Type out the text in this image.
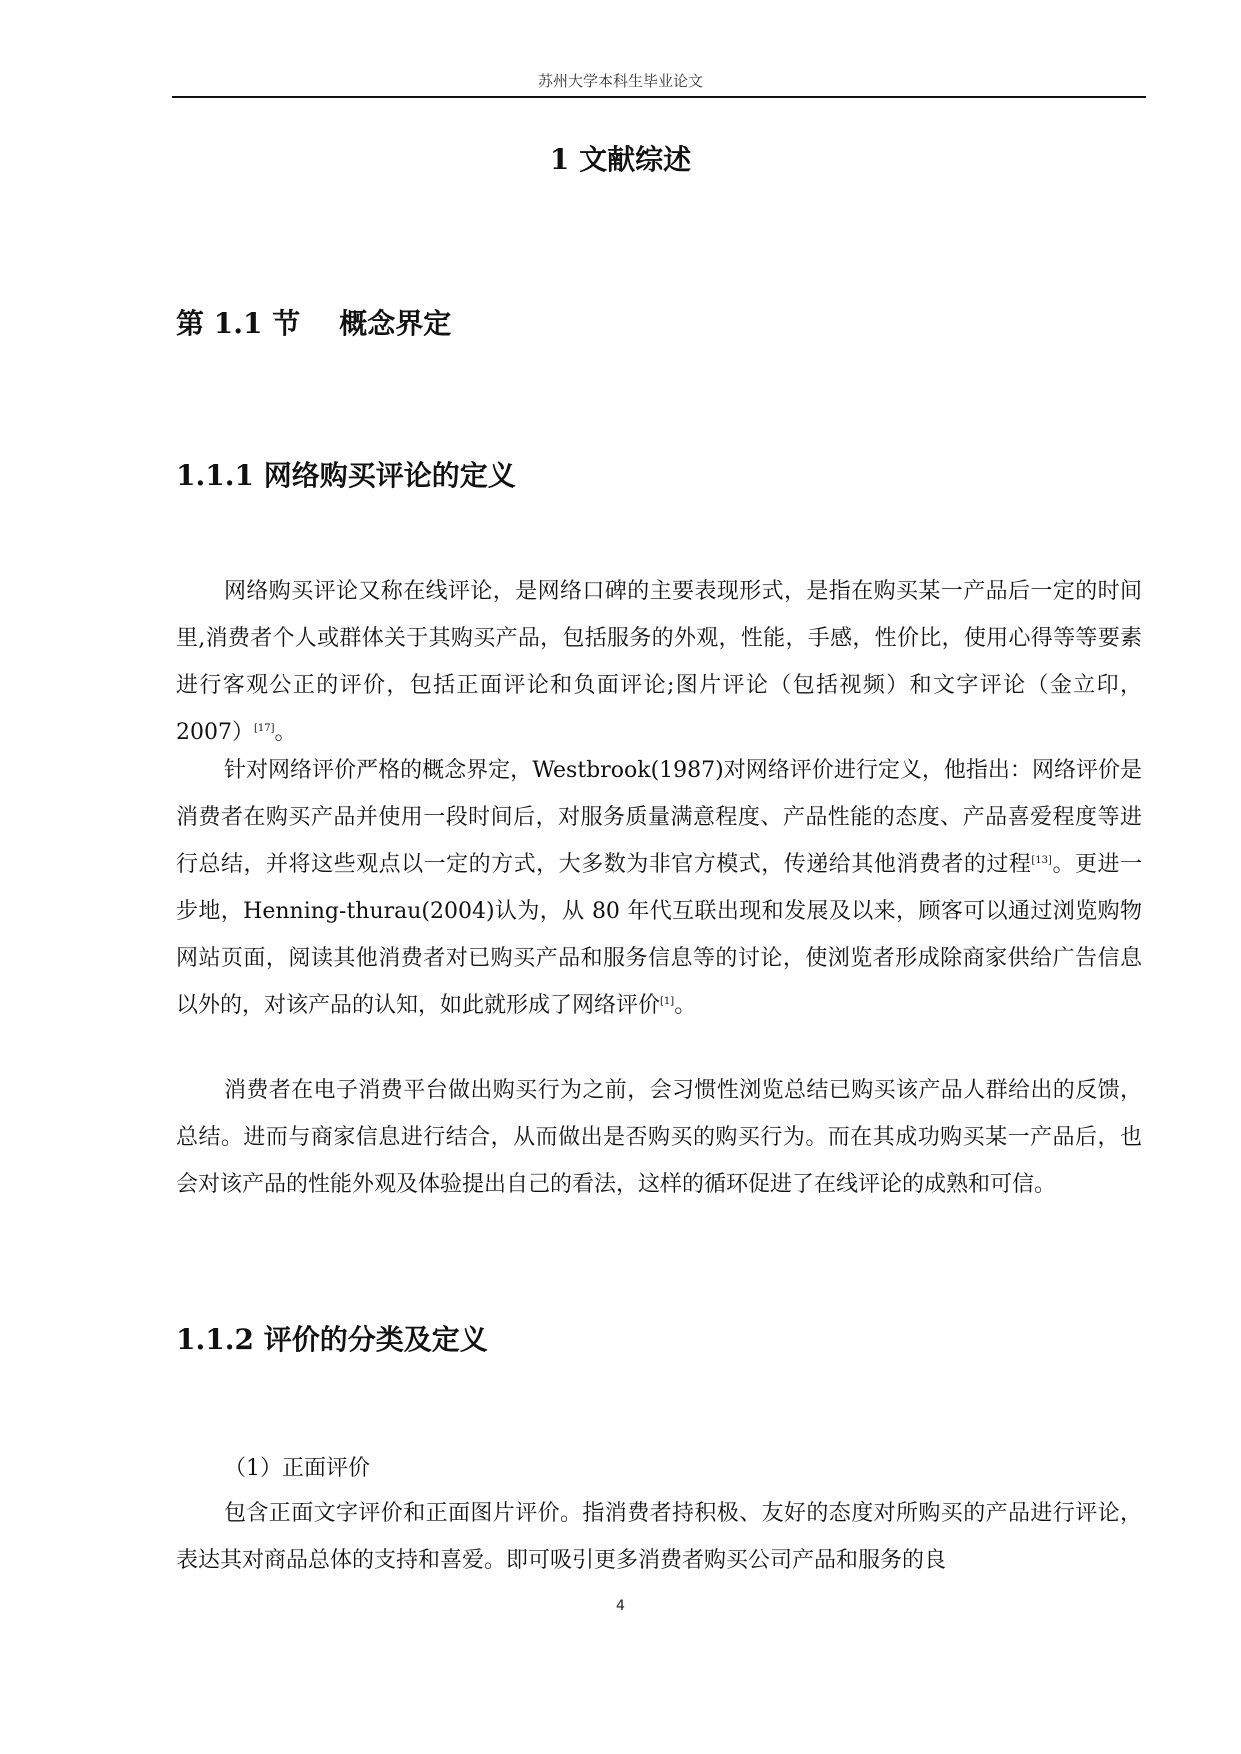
苏州大学本科生毕业论文
1 文献综述
第 1.1 节    概念界定
1.1.1 网络购买评论的定义

网络购买评论又称在线评论，是网络口碑的主要表现形式，是指在购买某一产品后一定的时间里,消费者个人或群体关于其购买产品，包括服务的外观，性能，手感，性价比，使用心得等等要素进行客观公正的评价，包括正面评论和负面评论;图片评论（包括视频）和文字评论（金立印，2007）[17]。

针对网络评价严格的概念界定，Westbrook(1987)对网络评价进行定义，他指出：网络评价是消费者在购买产品并使用一段时间后，对服务质量满意程度、产品性能的态度、产品喜爱程度等进行总结，并将这些观点以一定的方式，大多数为非官方模式，传递给其他消费者的过程[13]。更进一步地，Henning-thurau(2004)认为，从 80 年代互联出现和发展及以来，顾客可以通过浏览购物网站页面，阅读其他消费者对已购买产品和服务信息等的讨论，使浏览者形成除商家供给广告信息以外的，对该产品的认知，如此就形成了网络评价[1]。

消费者在电子消费平台做出购买行为之前，会习惯性浏览总结已购买该产品人群给出的反馈，总结。进而与商家信息进行结合，从而做出是否购买的购买行为。而在其成功购买某一产品后，也会对该产品的性能外观及体验提出自己的看法，这样的循环促进了在线评论的成熟和可信。

1.1.2 评价的分类及定义

（1）正面评价

包含正面文字评价和正面图片评价。指消费者持积极、友好的态度对所购买的产品进行评论，表达其对商品总体的支持和喜爱。即可吸引更多消费者购买公司产品和服务的良

4
